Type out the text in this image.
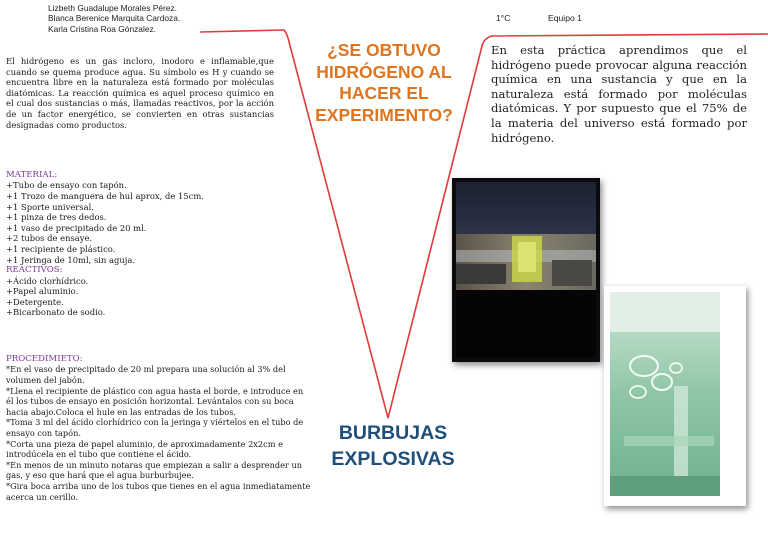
Lizbeth Guadalupe Morales Pérez.
Blanca Berenice Marquita Cardoza.
Karla Cristina Roa Gónzalez.
1°C	Equipo 1
El hidrógeno es un gas incloro, inodoro e inflamable,que cuando se quema produce agua. Su símbolo es H y cuando se encuentra libre en la naturaleza está formado por moléculas diatómicas. La reacción química es aquel proceso químico en el cual dos sustancias o más, llamadas reactivos, por la acción de un factor energético, se convierten en otras sustancias designadas como productos.
MATERIAL:
+Tubo de ensayo con tapón.
+1 Trozo de manguera de hul aprox, de 15cm.
+1 Sporte universal.
+1 pinza de tres dedos.
+1 vaso de precipitado de 20 ml.
+2 tubos de ensaye.
+1 recipiente de plástico.
+1 Jeringa de 10ml, sin aguja.
REACTIVOS:
+Ácido clorhídrico.
+Papel aluminio.
+Detergente.
+Bicarbonato de sodio.
PROCEDIMIETO:
*En el vaso de precipitado de 20 ml prepara una solución al 3% del volumen del jabón.
*Llena el recipiente de plástico con agua hasta el borde, e introduce en él los tubos de ensayo en posición horizontal. Levántalos con su boca hacia abajo.Coloca el hule en las entradas de los tubos.
*Toma 3 ml del ácido clorhídrico con la jeringa y viértelos en el tubo de ensayo con tapón.
*Corta una pieza de papel aluminio, de aproximadamente 2x2cm e introdúcela en el tubo que contiene el ácido.
*En menos de un minuto notaras que empiezan a salir a desprender un gas, y eso que hará que el agua burburbujee.
*Gira boca arriba uno de los tubos que tienes en el agua inmediatamente acerca un cerillo.
¿SE OBTUVO HIDRÓGENO AL HACER EL EXPERIMENTO?
BURBUJAS EXPLOSIVAS
En esta práctica aprendimos que el hidrógeno puede provocar alguna reacción química en una sustancia y que en la naturaleza está formado por moléculas diatómicas. Y por supuesto que el 75% de la materia del universo está formado por hidrógeno.
